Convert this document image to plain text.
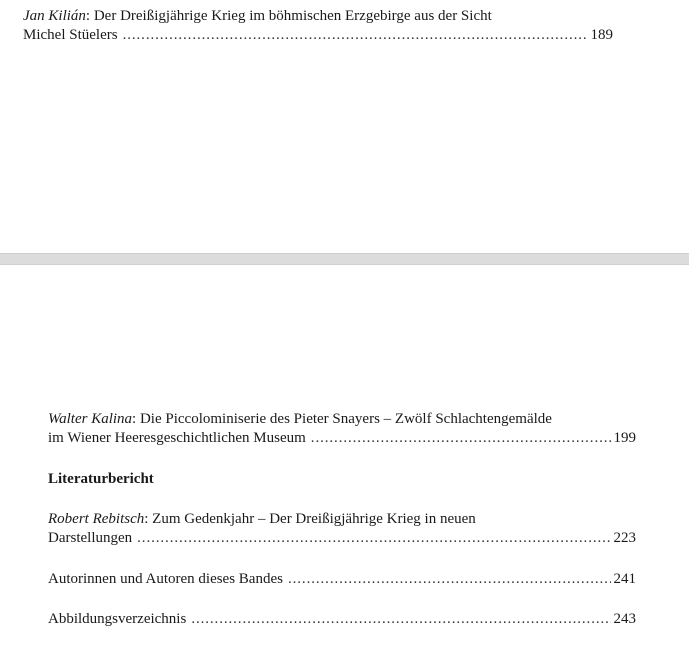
Jan Kilián : Der Dreißigjährige Krieg im böhmischen Erzgebirge aus der Sicht
Michel Stüelers .....	189
Walter Kalina : Die Piccolominiserie des Pieter Snayers – Zwölf Schlachtengemälde
im Wiener Heeresgeschichtlichen Museum .....	199
Literaturbericht
Robert Rebitsch : Zum Gedenkjahr – Der Dreißigjährige Krieg in neuen
Darstellungen .....	223
Autorinnen und Autoren dieses Bandes .....	241
Abbildungsverzeichnis .....	243
